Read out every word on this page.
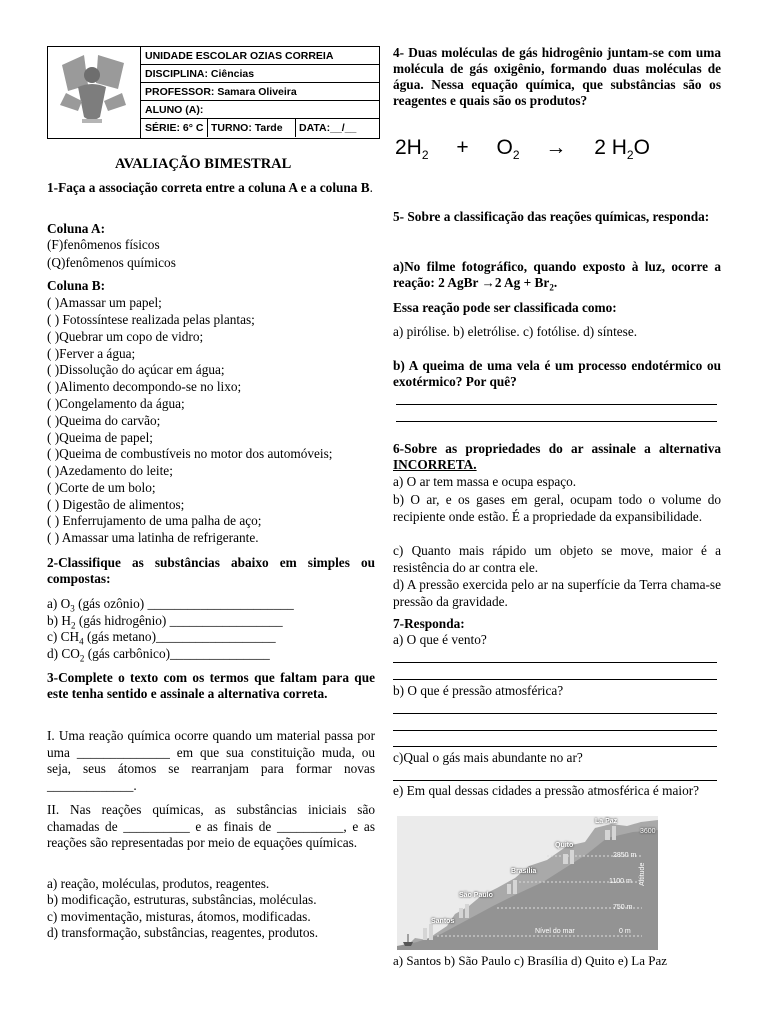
UNIDADE ESCOLAR OZIAS CORREIA
DISCIPLINA: Ciências
PROFESSOR: Samara Oliveira
ALUNO (A):
SÉRIE: 6° C TURNO: Tarde	DATA:__/__
AVALIAÇÃO BIMESTRAL
1-Faça a associação correta entre a coluna A e a coluna B.
Coluna A:
(F)fenômenos físicos
(Q)fenômenos químicos
Coluna B:
( )Amassar um papel;
( ) Fotossíntese realizada pelas plantas;
( )Quebrar um copo de vidro;
( )Ferver a água;
( )Dissolução do açúcar em água;
( )Alimento decompondo-se no lixo;
( )Congelamento da água;
( )Queima do carvão;
( )Queima de papel;
( )Queima de combustíveis no motor dos automóveis;
( )Azedamento do leite;
( )Corte de um bolo;
( ) Digestão de alimentos;
( ) Enferrujamento de uma palha de aço;
( ) Amassar uma latinha de refrigerante.
2-Classifique as substâncias abaixo em simples ou compostas:
a) $O_3$ (gás ozônio) ______________________
b) $H_2$ (gás hidrogênio) _________________
c) $CH_4$ (gás metano)__________________
d) $CO_2$ (gás carbônico)_______________
3-Complete o texto com os termos que faltam para que este tenha sentido e assinale a alternativa correta.
I. Uma reação química ocorre quando um material passa por uma ______________ em que sua constituição muda, ou seja, seus átomos se rearranjam para formar novas _____________.
II. Nas reações químicas, as substâncias iniciais são chamadas de __________ e as finais de __________, e as reações são representadas por meio de equações químicas.
a) reação, moléculas, produtos, reagentes.
b) modificação, estruturas, substâncias, moléculas.
c) movimentação, misturas, átomos, modificadas.
d) transformação, substâncias, reagentes, produtos.
4- Duas moléculas de gás hidrogênio juntam-se com uma molécula de gás oxigênio, formando duas moléculas de água. Nessa equação química, que substâncias são os reagentes e quais são os produtos?
$2H_2 + O_2 \to 2$ $H_2O$
5- Sobre a classificação das reações químicas, responda:
a)No filme fotográfico, quando exposto à luz, ocorre a reação: 2 AgBr →2 $Ag + Br_2$.
Essa reação pode ser classificada como:
a) pirólise. b) eletrólise. c) fotólise. d) síntese.
b) A queima de uma vela é um processo endotérmico ou exotérmico? Por quê?
6-Sobre as propriedades do ar assinale a alternativa INCORRETA.
a) O ar tem massa e ocupa espaço.
b) O ar, e os gases em geral, ocupam todo o volume do recipiente onde estão. É a propriedade da expansibilidade.
c) Quanto mais rápido um objeto se move, maior é a resistência do ar contra ele.
d) A pressão exercida pelo ar na superfície da Terra chama-se pressão da gravidade.
7-Responda:
a) O que é vento?
b) O que é pressão atmosférica?
c)Qual o gás mais abundante no ar?
e) Em qual dessas cidades a pressão atmosférica é maior?
La Paz
Quito
Brasília
São Paulo
Santos
3600
2850 m
1100 m
750 m
0 m
Nível do mar
Altitude
a) Santos b) São Paulo c) Brasília d) Quito e) La Paz
